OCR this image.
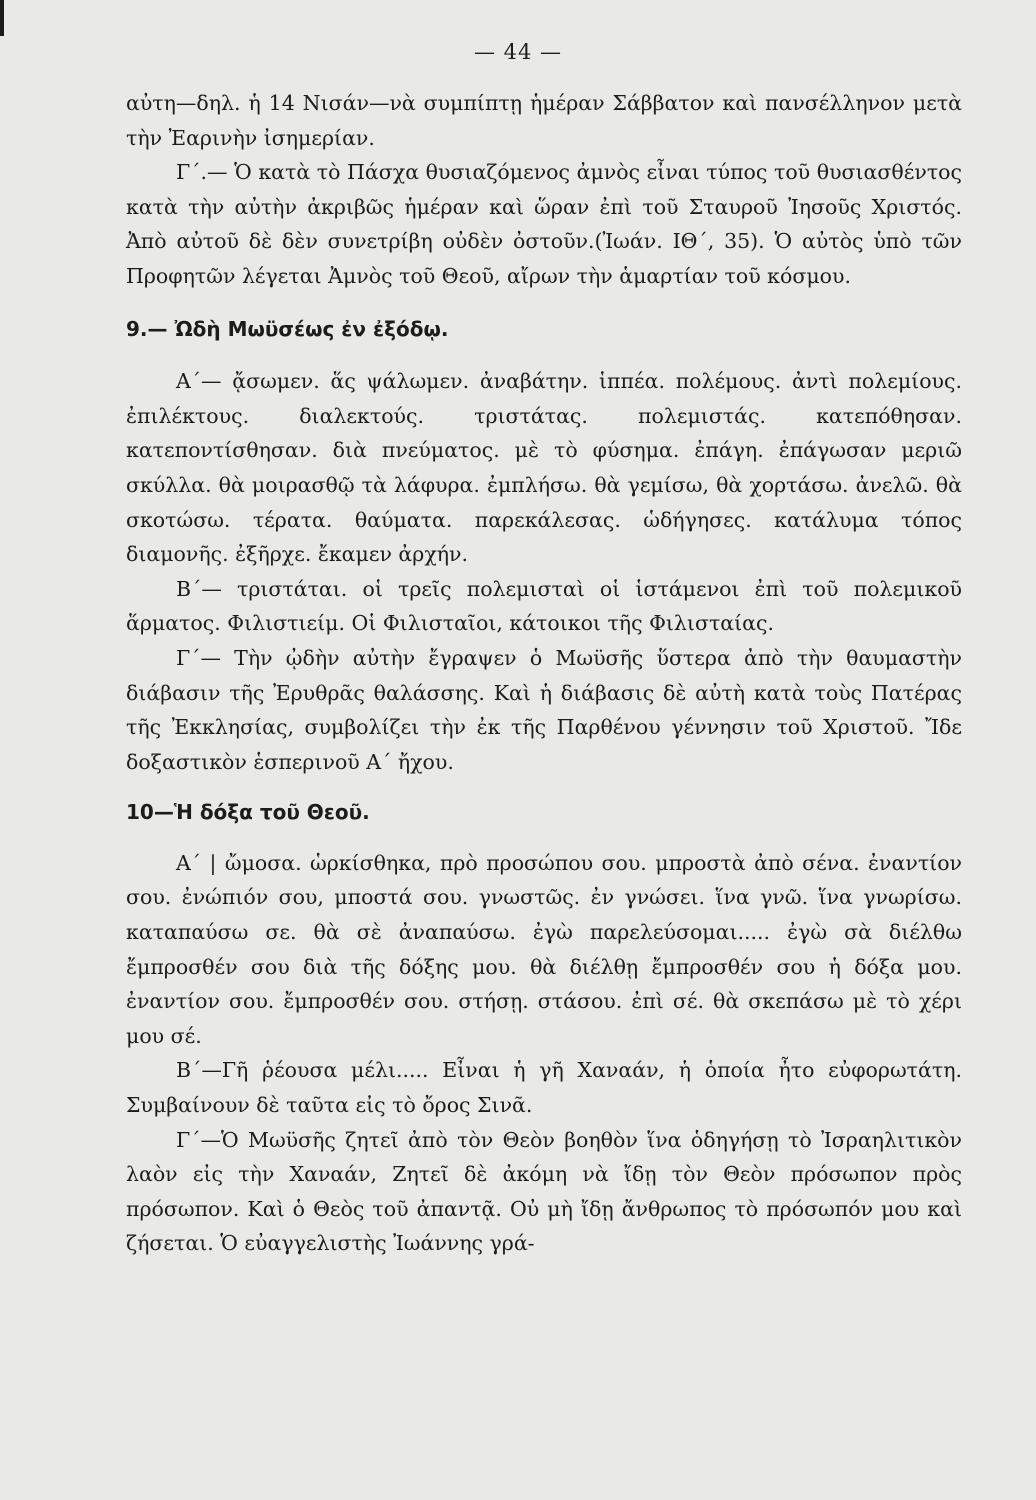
— 44 —

αὐτη—δηλ. ἡ 14 Νισάν—νὰ συμπίπτῃ ἡμέραν Σάββατον καὶ πανσέλληνον μετὰ τὴν Ἐαρινὴν ἰσημερίαν.

Γ΄.— Ὁ κατὰ τὸ Πάσχα θυσιαζόμενος ἀμνὸς εἶναι τύπος τοῦ θυσιασθέντος κατὰ τὴν αὐτὴν ἀκριβῶς ἡμέραν καὶ ὥραν ἐπὶ τοῦ Σταυροῦ Ἰησοῦς Χριστός. Ἀπὸ αὐτοῦ δὲ δὲν συνετρίβη οὐδὲν ὀστοῦν.(Ἰωάν. ΙΘ΄, 35). Ὁ αὐτὸς ὑπὸ τῶν Προφητῶν λέγεται Ἀμνὸς τοῦ Θεοῦ, αἴρων τὴν ἁμαρτίαν τοῦ κόσμου.

9.— Ὠδὴ Μωϋσέως ἐν ἐξόδῳ.

Α΄— ᾄσωμεν. ἅς ψάλωμεν. ἀναβάτην. ἱππέα. πολέμους. ἀντὶ πολεμίους. ἐπιλέκτους. διαλεκτούς. τριστάτας. πολεμιστάς. κατεπόθησαν. κατεποντίσθησαν. διὰ πνεύματος. μὲ τὸ φύσημα. ἐπάγη. ἐπάγωσαν μεριῶ σκύλλα. θὰ μοιρασθῷ τὰ λάφυρα. ἐμπλήσω. θὰ γεμίσω, θὰ χορτάσω. ἀνελῶ. θὰ σκοτώσω. τέρατα. θαύματα. παρεκάλεσας. ὡδήγησες. κατάλυμα τόπος διαμονῆς. ἐξῆρχε. ἔκαμεν ἀρχήν.

Β΄— τριστάται. οἱ τρεῖς πολεμισταὶ οἱ ἱστάμενοι ἐπὶ τοῦ πολεμικοῦ ἅρματος. Φιλιστιείμ. Οἱ Φιλισταῖοι, κάτοικοι τῆς Φιλισταίας.

Γ΄— Τὴν ᾠδὴν αὐτὴν ἔγραψεν ὁ Μωϋσῆς ὕστερα ἀπὸ τὴν θαυμαστὴν διάβασιν τῆς Ἐρυθρᾶς θαλάσσης. Καὶ ἡ διάβασις δὲ αὐτὴ κατὰ τοὺς Πατέρας τῆς Ἐκκλησίας, συμβολίζει τὴν ἐκ τῆς Παρθένου γέννησιν τοῦ Χριστοῦ. Ἴδε δοξαστικὸν ἑσπερινοῦ Α΄ ἤχου.

10—Ἡ δόξα τοῦ Θεοῦ.

Α΄ | ὤμοσα. ὡρκίσθηκα, πρὸ προσώπου σου. μπροστὰ ἀπὸ σένα. ἐναντίον σου. ἐνώπιόν σου, μποστά σου. γνωστῶς. ἐν γνώσει. ἵνα γνῶ. ἵνα γνωρίσω. καταπαύσω σε. θὰ σὲ ἀναπαύσω. ἐγὼ παρελεύσομαι..... ἐγὼ σὰ διέλθω ἔμπροσθέν σου διὰ τῆς δόξης μου. θὰ διέλθῃ ἔμπροσθέν σου ἡ δόξα μου. ἐναντίον σου. ἔμπροσθέν σου. στήσῃ. στάσου. ἐπὶ σέ. θὰ σκεπάσω μὲ τὸ χέρι μου σέ.

Β΄—Γῆ ῥέουσα μέλι..... Εἶναι ἡ γῆ Χαναάν, ἡ ὁποία ἦτο εὐφορωτάτη. Συμβαίνουν δὲ ταῦτα εἰς τὸ ὄρος Σινᾶ.

Γ΄—Ὁ Μωϋσῆς ζητεῖ ἀπὸ τὸν Θεὸν βοηθὸν ἵνα ὁδηγήσῃ τὸ Ἰσραηλιτικὸν λαὸν εἰς τὴν Χαναάν, Ζητεῖ δὲ ἀκόμη νὰ ἴδῃ τὸν Θεὸν πρόσωπον πρὸς πρόσωπον. Καὶ ὁ Θεὸς τοῦ ἀπαντᾷ. Οὐ μὴ ἴδῃ ἄνθρωπος τὸ πρόσωπόν μου καὶ ζήσεται. Ὁ εὐαγγελιστὴς Ἰωάννης γρά-
